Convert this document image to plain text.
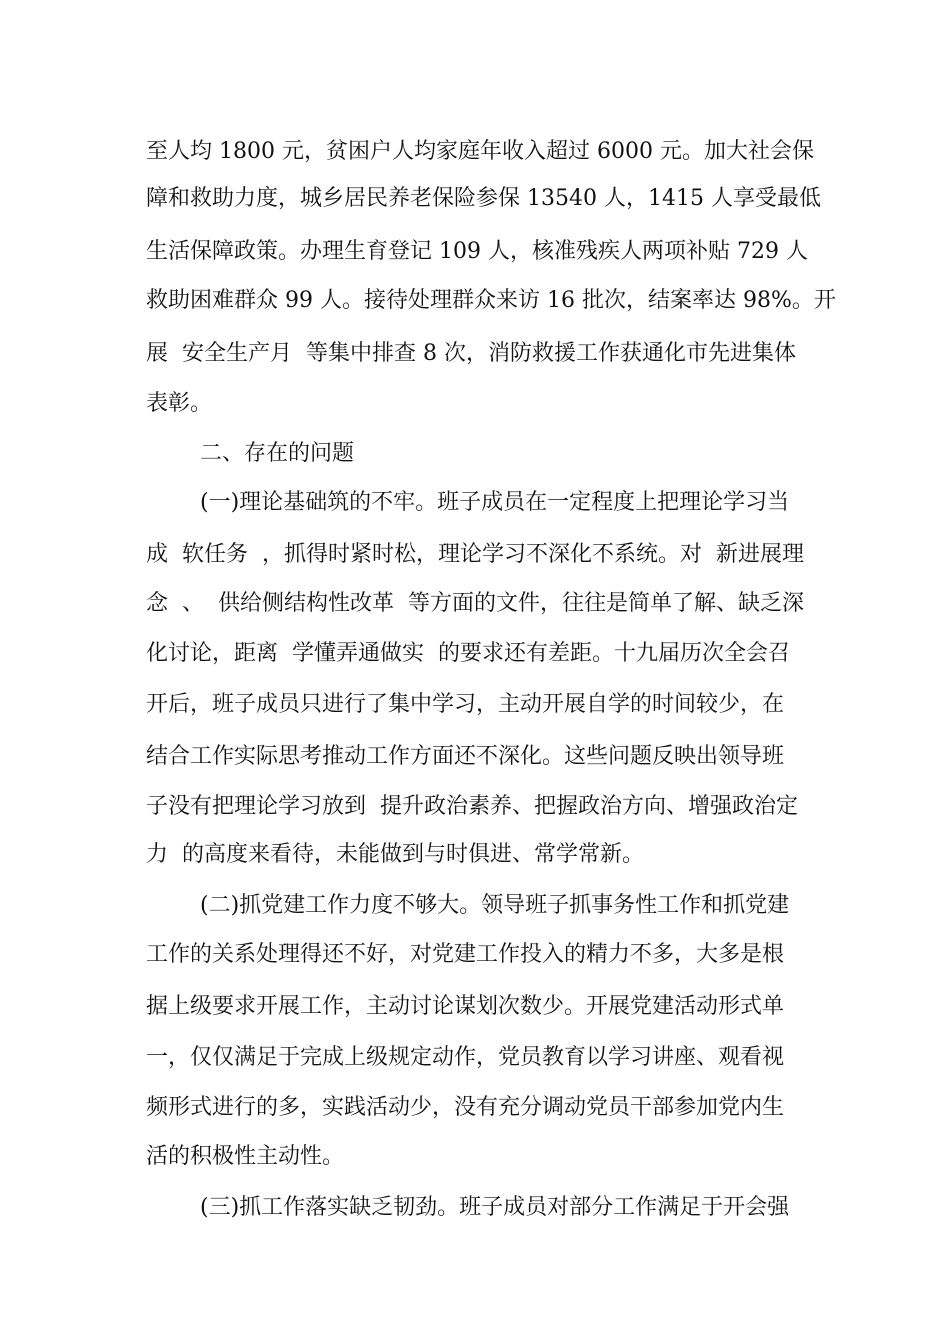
至人均 1800 元，贫困户人均家庭年收入超过 6000 元。加大社会保
障和救助力度，城乡居民养老保险参保 13540 人，1415 人享受最低
生活保障政策。办理生育登记 109 人，核准残疾人两项补贴 729 人
救助困难群众 99 人。接待处理群众来访 16 批次，结案率达 98%。开
展  安全生产月  等集中排查 8 次，消防救援工作获通化市先进集体
表彰。
二、存在的问题
(一)理论基础筑的不牢。班子成员在一定程度上把理论学习当
成  软任务  ，抓得时紧时松，理论学习不深化不系统。对  新进展理
念  、  供给侧结构性改革  等方面的文件，往往是简单了解、缺乏深
化讨论，距离  学懂弄通做实  的要求还有差距。十九届历次全会召
开后，班子成员只进行了集中学习，主动开展自学的时间较少，在
结合工作实际思考推动工作方面还不深化。这些问题反映出领导班
子没有把理论学习放到  提升政治素养、把握政治方向、增强政治定
力  的高度来看待，未能做到与时俱进、常学常新。
(二)抓党建工作力度不够大。领导班子抓事务性工作和抓党建
工作的关系处理得还不好，对党建工作投入的精力不多，大多是根
据上级要求开展工作，主动讨论谋划次数少。开展党建活动形式单
一，仅仅满足于完成上级规定动作，党员教育以学习讲座、观看视
频形式进行的多，实践活动少，没有充分调动党员干部参加党内生
活的积极性主动性。
(三)抓工作落实缺乏韧劲。班子成员对部分工作满足于开会强
